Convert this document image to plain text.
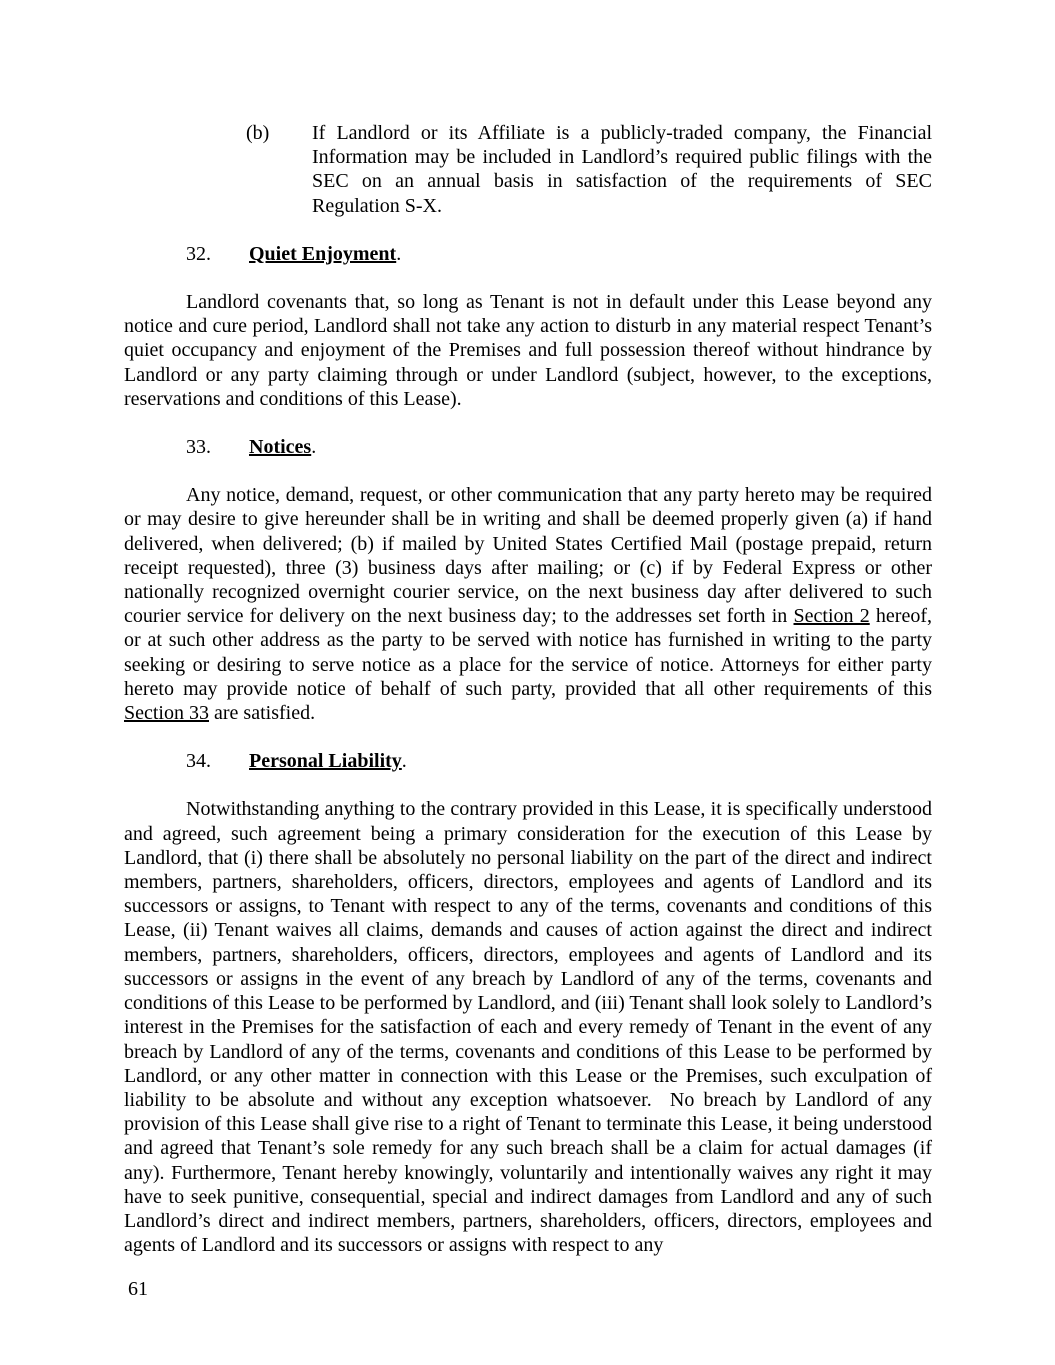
(b) If Landlord or its Affiliate is a publicly-traded company, the Financial Information may be included in Landlord’s required public filings with the SEC on an annual basis in satisfaction of the requirements of SEC Regulation S-X.
32. Quiet Enjoyment.

Landlord covenants that, so long as Tenant is not in default under this Lease beyond any notice and cure period, Landlord shall not take any action to disturb in any material respect Tenant’s quiet occupancy and enjoyment of the Premises and full possession thereof without hindrance by Landlord or any party claiming through or under Landlord (subject, however, to the exceptions, reservations and conditions of this Lease).

33. Notices.

Any notice, demand, request, or other communication that any party hereto may be required or may desire to give hereunder shall be in writing and shall be deemed properly given (a) if hand delivered, when delivered; (b) if mailed by United States Certified Mail (postage prepaid, return receipt requested), three (3) business days after mailing; or (c) if by Federal Express or other nationally recognized overnight courier service, on the next business day after delivered to such courier service for delivery on the next business day; to the addresses set forth in Section 2 hereof, or at such other address as the party to be served with notice has furnished in writing to the party seeking or desiring to serve notice as a place for the service of notice. Attorneys for either party hereto may provide notice of behalf of such party, provided that all other requirements of this Section 33 are satisfied.

34. Personal Liability.

Notwithstanding anything to the contrary provided in this Lease, it is specifically understood and agreed, such agreement being a primary consideration for the execution of this Lease by Landlord, that (i) there shall be absolutely no personal liability on the part of the direct and indirect members, partners, shareholders, officers, directors, employees and agents of Landlord and its successors or assigns, to Tenant with respect to any of the terms, covenants and conditions of this Lease, (ii) Tenant waives all claims, demands and causes of action against the direct and indirect members, partners, shareholders, officers, directors, employees and agents of Landlord and its successors or assigns in the event of any breach by Landlord of any of the terms, covenants and conditions of this Lease to be performed by Landlord, and (iii) Tenant shall look solely to Landlord’s interest in the Premises for the satisfaction of each and every remedy of Tenant in the event of any breach by Landlord of any of the terms, covenants and conditions of this Lease to be performed by Landlord, or any other matter in connection with this Lease or the Premises, such exculpation of liability to be absolute and without any exception whatsoever.  No breach by Landlord of any provision of this Lease shall give rise to a right of Tenant to terminate this Lease, it being understood and agreed that Tenant’s sole remedy for any such breach shall be a claim for actual damages (if any). Furthermore, Tenant hereby knowingly, voluntarily and intentionally waives any right it may have to seek punitive, consequential, special and indirect damages from Landlord and any of such Landlord’s direct and indirect members, partners, shareholders, officers, directors, employees and agents of Landlord and its successors or assigns with respect to any

61
